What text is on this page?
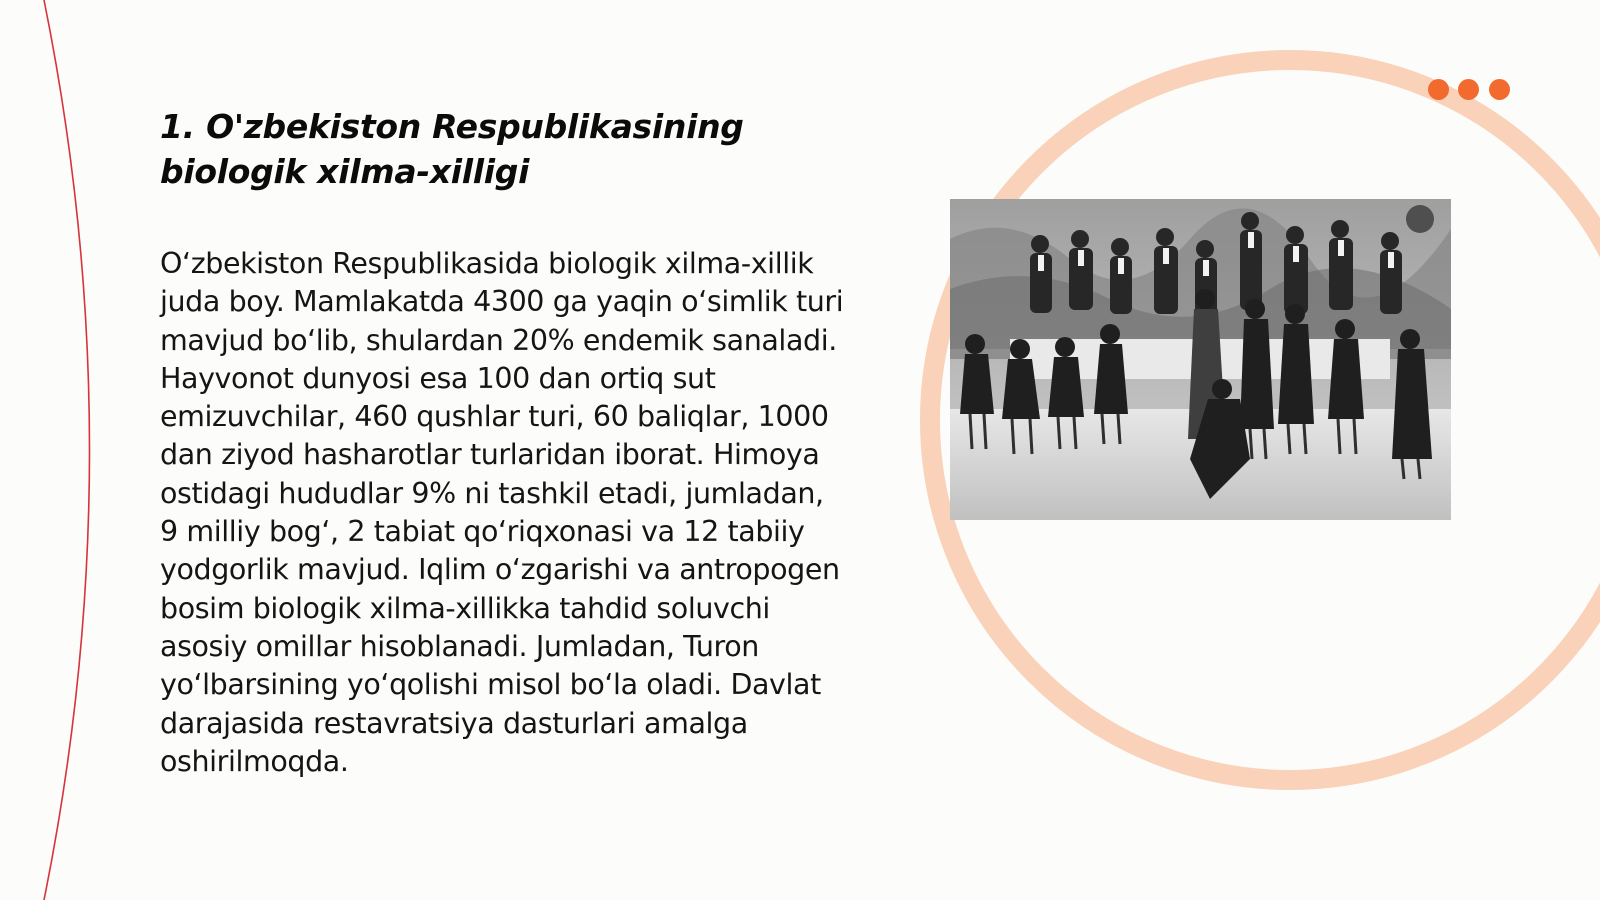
1. O'zbekiston Respublikasining
biologik xilma-xilligi

O‘zbekiston Respublikasida biologik xilma-xillik juda boy. Mamlakatda 4300 ga yaqin o‘simlik turi mavjud bo‘lib, shulardan 20% endemik sanaladi. Hayvonot dunyosi esa 100 dan ortiq sut emizuvchilar, 460 qushlar turi, 60 baliqlar, 1000 dan ziyod hasharotlar turlaridan iborat. Himoya ostidagi hududlar 9% ni tashkil etadi, jumladan, 9 milliy bog‘, 2 tabiat qo‘riqxonasi va 12 tabiiy yodgorlik mavjud. Iqlim o‘zgarishi va antropogen bosim biologik xilma-xillikka tahdid soluvchi asosiy omillar hisoblanadi. Jumladan, Turon yo‘lbarsining yo‘qolishi misol bo‘la oladi. Davlat darajasida restavratsiya dasturlari amalga oshirilmoqda.
